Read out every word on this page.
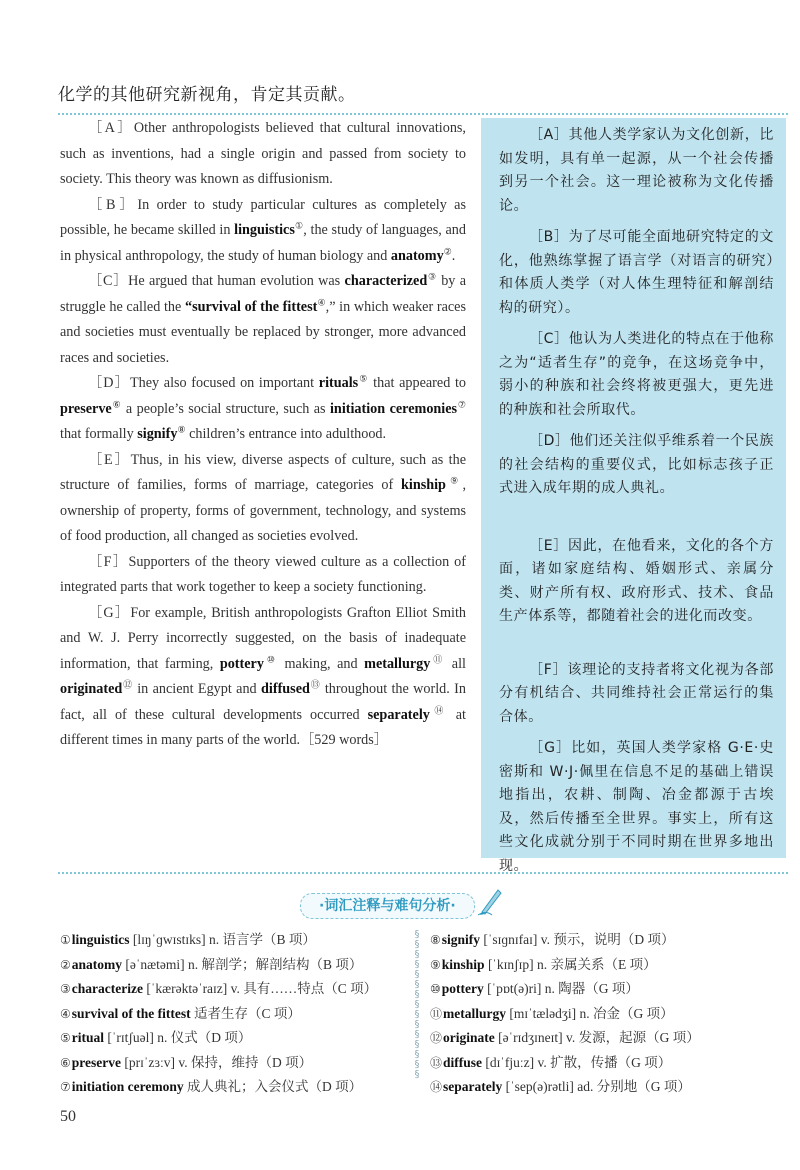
化学的其他研究新视角，肯定其贡献。

［A］Other anthropologists believed that cultural innovations, such as inventions, had a single origin and passed from society to society. This theory was known as diffusionism.

［B］In order to study particular cultures as completely as possible, he became skilled in linguistics①, the study of languages, and in physical anthropology, the study of human biology and anatomy②.

［C］He argued that human evolution was characterized③ by a struggle he called the “survival of the fittest④,” in which weaker races and societies must eventually be replaced by stronger, more advanced races and societies.

［D］They also focused on important rituals⑤ that appeared to preserve⑥ a people’s social structure, such as initiation ceremonies⑦ that formally signify⑧ children’s entrance into adulthood.

［E］Thus, in his view, diverse aspects of culture, such as the structure of families, forms of marriage, categories of kinship⑨, ownership of property, forms of government, technology, and systems of food production, all changed as societies evolved.

［F］Supporters of the theory viewed culture as a collection of integrated parts that work together to keep a society functioning.

［G］For example, British anthropologists Grafton Elliot Smith and W. J. Perry incorrectly suggested, on the basis of inadequate information, that farming, pottery⑩ making, and metallurgy⑪ all originated⑫ in ancient Egypt and diffused⑬ throughout the world. In fact, all of these cultural developments occurred separately⑭ at different times in many parts of the world.［529 words］

［A］其他人类学家认为文化创新，比如发明，具有单一起源，从一个社会传播到另一个社会。这一理论被称为文化传播论。

［B］为了尽可能全面地研究特定的文化，他熟练掌握了语言学（对语言的研究）和体质人类学（对人体生理特征和解剖结构的研究）。

［C］他认为人类进化的特点在于他称之为“适者生存”的竞争，在这场竞争中，弱小的种族和社会终将被更强大，更先进的种族和社会所取代。

［D］他们还关注似乎维系着一个民族的社会结构的重要仪式，比如标志孩子正式进入成年期的成人典礼。

［E］因此，在他看来，文化的各个方面，诸如家庭结构、婚姻形式、亲属分类、财产所有权、政府形式、技术、食品生产体系等，都随着社会的进化而改变。

［F］该理论的支持者将文化视为各部分有机结合、共同维持社会正常运行的集合体。

［G］比如，英国人类学家格 G·E·史密斯和 W·J·佩里在信息不足的基础上错误地指出，农耕、制陶、冶金都源于古埃及，然后传播至全世界。事实上，所有这些文化成就分别于不同时期在世界多地出现。

·词汇注释与难句分析·
①linguistics [lɪŋˈɡwɪstɪks] n. 语言学（B 项）
②anatomy [əˈnætəmi] n. 解剖学；解剖结构（B 项）
③characterize [ˈkærəktəˈraɪz] v. 具有……特点（C 项）
④survival of the fittest 适者生存（C 项）
⑤ritual [ˈrɪtʃuəl] n. 仪式（D 项）
⑥preserve [prɪˈzɜːv] v. 保持，维持（D 项）
⑦initiation ceremony 成人典礼；入会仪式（D 项）
§
§
§
§
§
§
§
§
§
§
§
§
§
§
§
⑧signify [ˈsɪɡnɪfaɪ] v. 预示，说明（D 项）
⑨kinship [ˈkɪnʃɪp] n. 亲属关系（E 项）
⑩pottery [ˈpɒt(ə)ri] n. 陶器（G 项）
⑪metallurgy [mɪˈtælədʒi] n. 冶金（G 项）
⑫originate [əˈrɪdʒɪneɪt] v. 发源，起源（G 项）
⑬diffuse [dɪˈfjuːz] v. 扩散，传播（G 项）
⑭separately [ˈsep(ə)rətli] ad. 分别地（G 项）
50
